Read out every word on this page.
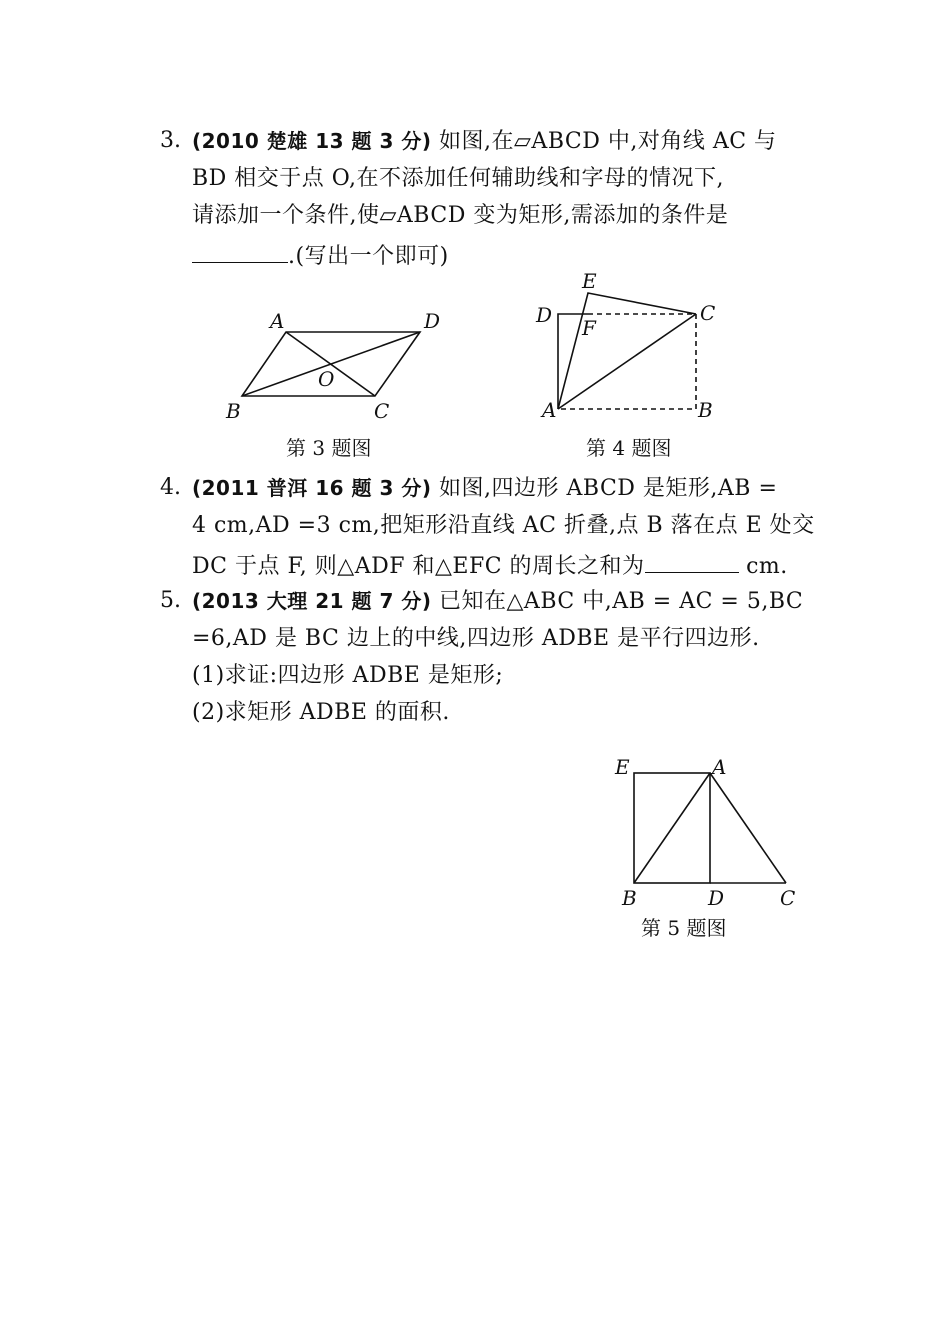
3. (2010 楚雄 13 题 3 分) 如图,在▱ABCD 中,对角线 AC 与
BD 相交于点 O,在不添加任何辅助线和字母的情况下,
请添加一个条件,使▱ABCD 变为矩形,需添加的条件是
.(写出一个即可)
A	D
O
B	C
第 3 题图
E
D
F
C
A	B
第 4 题图
4. (2011 普洱 16 题 3 分) 如图,四边形 ABCD 是矩形,AB =
4 cm,AD =3 cm,把矩形沿直线 AC 折叠,点 B 落在点 E 处交
DC 于点 F, 则△ADF 和△EFC 的周长之和为	cm.
5. (2013 大理 21 题 7 分) 已知在△ABC 中,AB = AC = 5,BC
=6,AD 是 BC 边上的中线,四边形 ADBE 是平行四边形.
(1)求证:四边形 ADBE 是矩形;
(2)求矩形 ADBE 的面积.
E	A
B	D	C
第 5 题图
